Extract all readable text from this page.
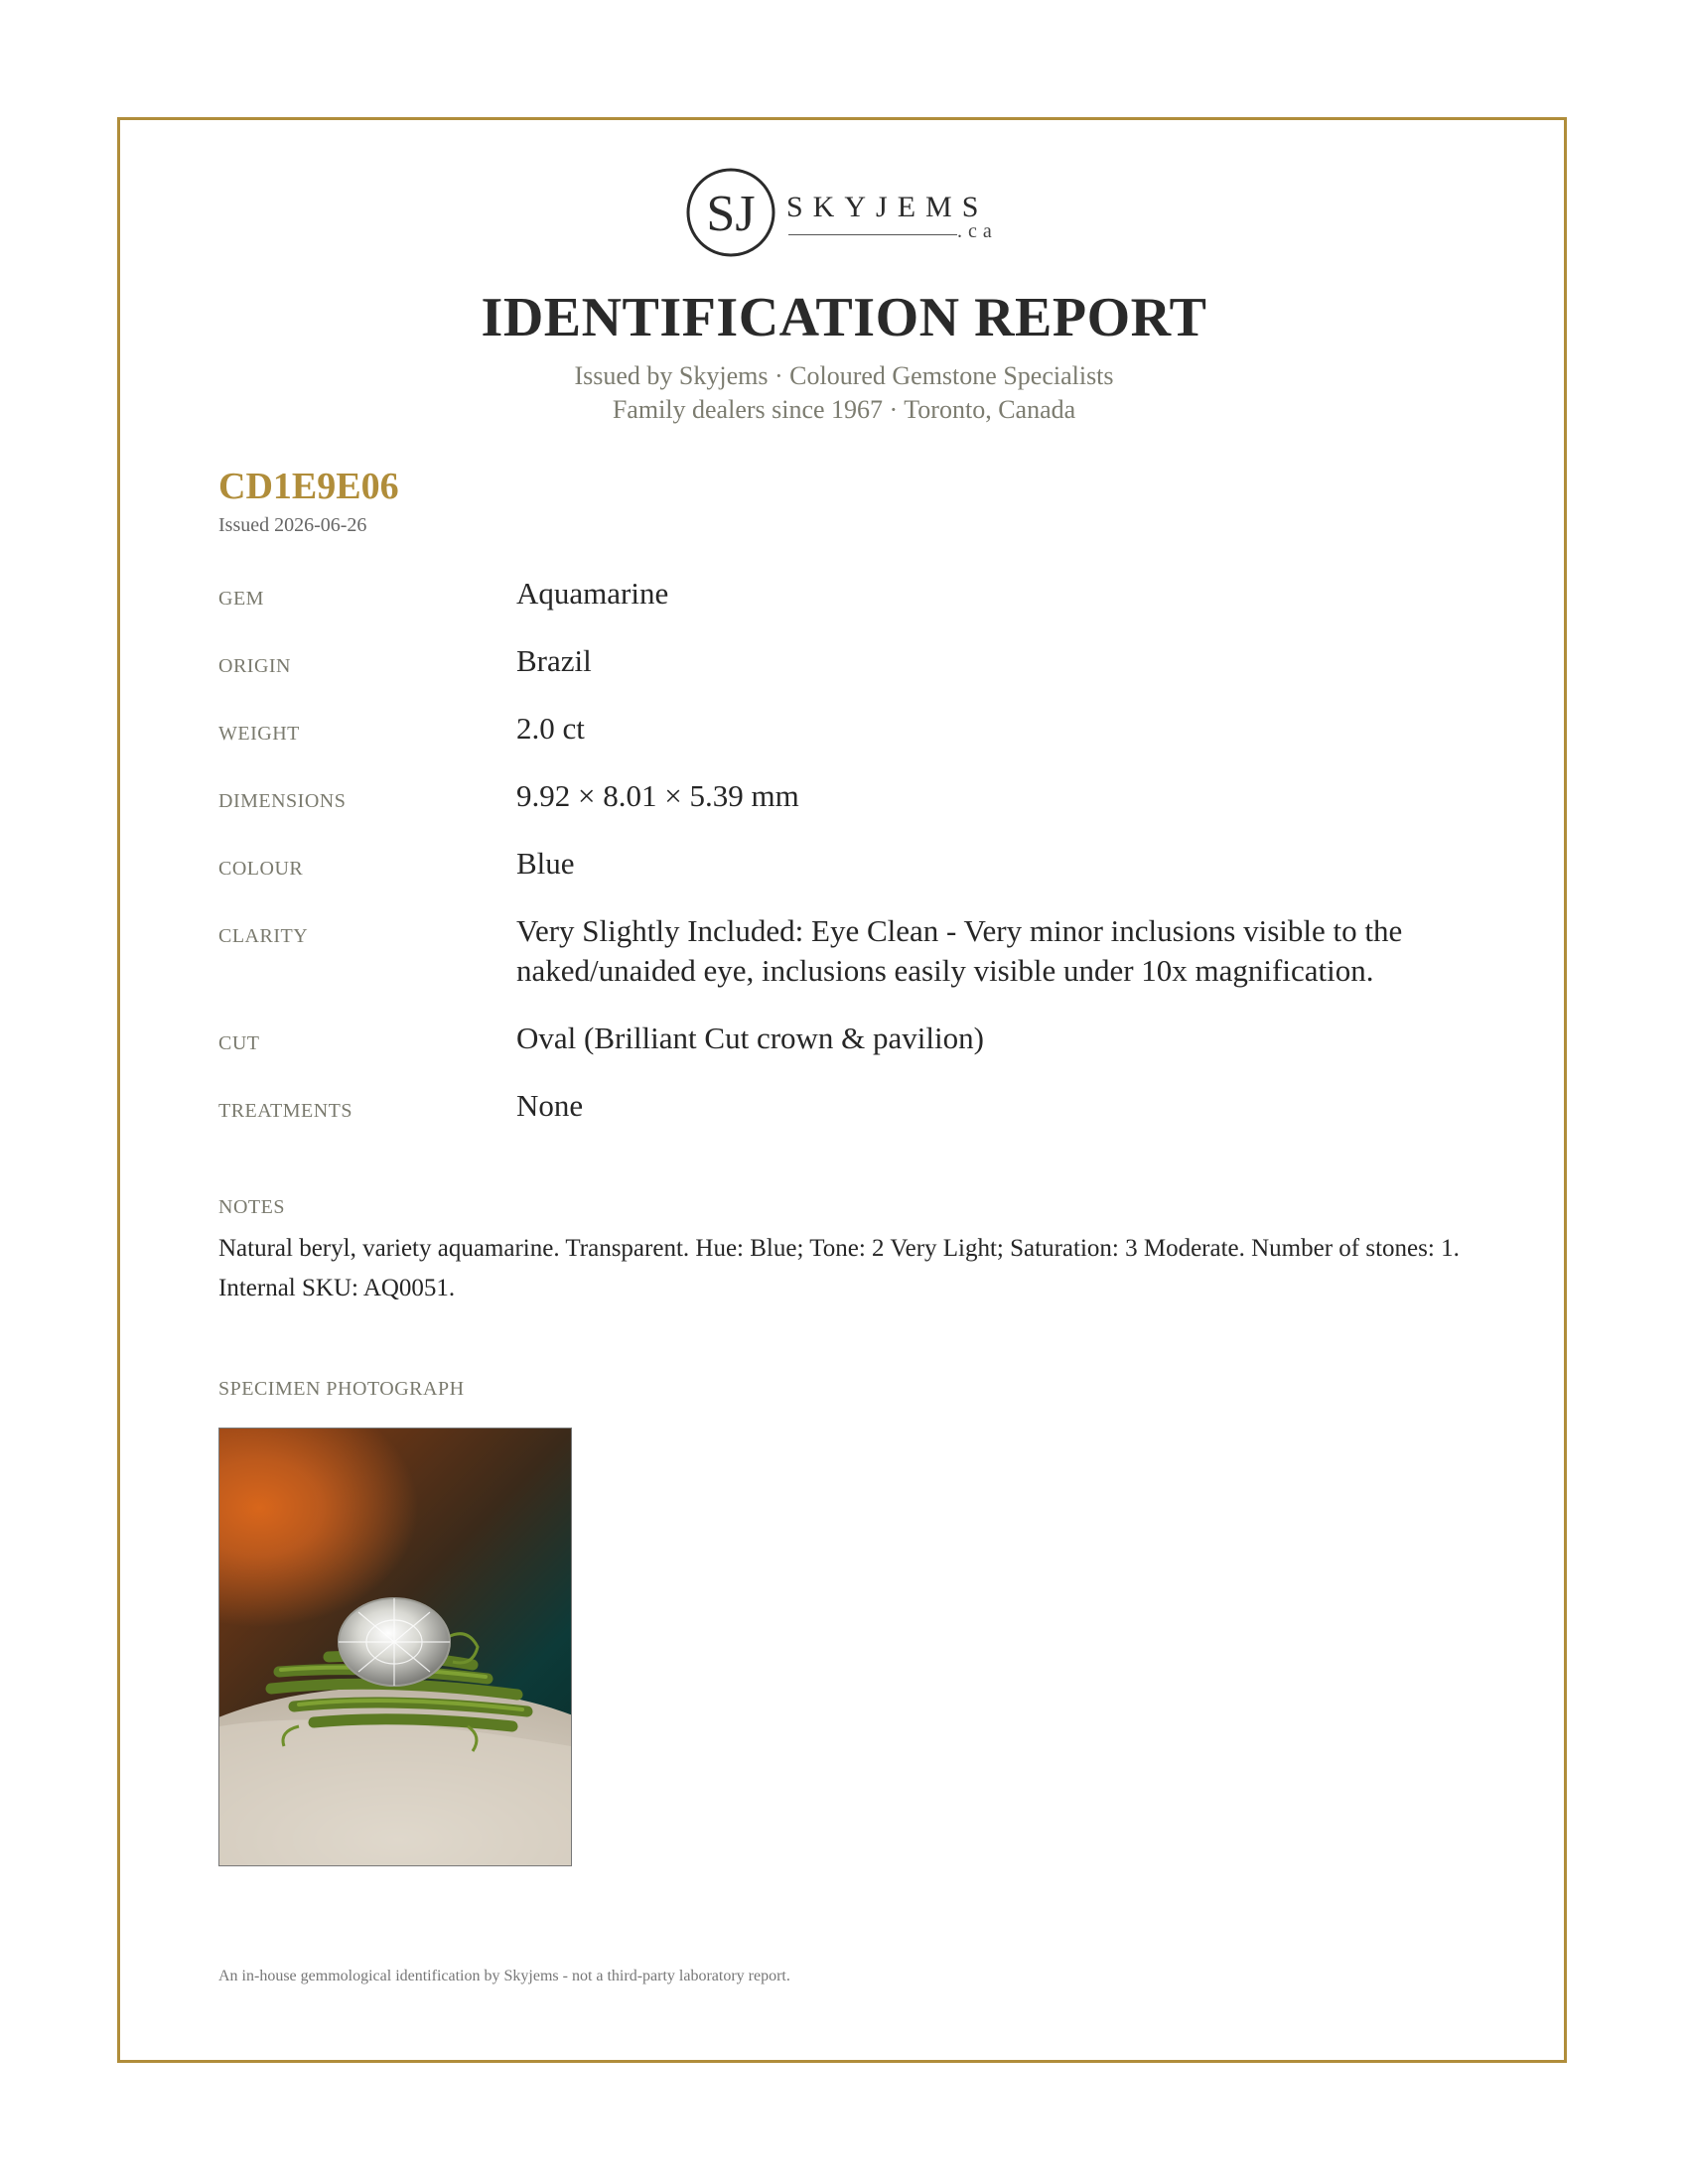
SJ SKYJEMS
.ca
IDENTIFICATION REPORT
Issued by Skyjems · Coloured Gemstone Specialists
Family dealers since 1967 · Toronto, Canada
CD1E9E06
Issued 2026-06-26
GEM	Aquamarine
ORIGIN	Brazil
WEIGHT	2.0 ct
DIMENSIONS	9.92 × 8.01 × 5.39 mm
COLOUR	Blue
CLARITY	Very Slightly Included: Eye Clean - Very minor inclusions visible to the naked/unaided eye, inclusions easily visible under 10x magnification.
CUT	Oval (Brilliant Cut crown & pavilion)
TREATMENTS	None
NOTES
Natural beryl, variety aquamarine. Transparent. Hue: Blue; Tone: 2 Very Light; Saturation: 3 Moderate. Number of stones: 1. Internal SKU: AQ0051.
SPECIMEN PHOTOGRAPH
An in-house gemmological identification by Skyjems - not a third-party laboratory report.
